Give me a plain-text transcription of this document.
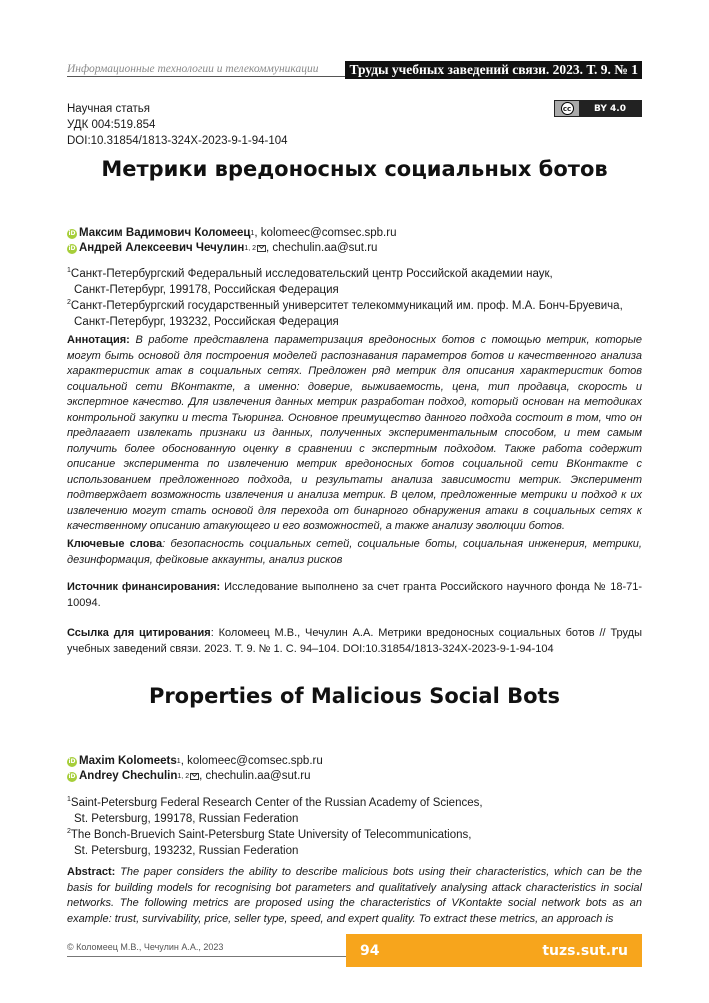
Информационные технологии и телекоммуникации	Труды учебных заведений связи. 2023. Т. 9. № 1
Научная статья
УДК 004:519.854
DOI:10.31854/1813-324X-2023-9-1-94-104
cc	BY 4.0
Метрики вредоносных социальных ботов
iD Максим Вадимович Коломеец 1 , kolomeec@comsec.spb.ru
iD Андрей Алексеевич Чечулин 1, 2 , chechulin.aa@sut.ru
$^1$Санкт-Петербургский Федеральный исследовательский центр Российской академии наук,
Санкт-Петербург, 199178, Российская Федерация
$^2$Санкт-Петербургский государственный университет телекоммуникаций им. проф. М.А. Бонч-Бруевича,
Санкт-Петербург, 193232, Российская Федерация
Аннотация: В работе представлена параметризация вредоносных ботов с помощью метрик, которые могут быть основой для построения моделей распознавания параметров ботов и качественного анализа характеристик атак в социальных сетях. Предложен ряд метрик для описания характеристик ботов социальной сети ВКонтакте, а именно: доверие, выживаемость, цена, тип продавца, скорость и экспертное качество. Для извлечения данных метрик разработан подход, который основан на методиках контрольной закупки и теста Тьюринга. Основное преимущество данного подхода состоит в том, что он предлагает извлекать признаки из данных, полученных экспериментальным способом, и тем самым получить более обоснованную оценку в сравнении с экспертным подходом. Также работа содержит описание эксперимента по извлечению метрик вредоносных ботов социальной сети ВКонтакте с использованием предложенного подхода, и результаты анализа зависимости метрик. Эксперимент подтверждает возможность извлечения и анализа метрик. В целом, предложенные метрики и подход к их извлечению могут стать основой для перехода от бинарного обнаружения атаки в социальных сетях к качественному описанию атакующего и его возможностей, а также анализу эволюции ботов.
Ключевые слова: безопасность социальных сетей, социальные боты, социальная инженерия, метрики, дезинформация, фейковые аккаунты, анализ рисков
Источник финансирования: Исследование выполнено за счет гранта Российского научного фонда № 18-71-10094.
Ссылка для цитирования: Коломеец М.В., Чечулин А.А. Метрики вредоносных социальных ботов // Труды учебных заведений связи. 2023. Т. 9. № 1. С. 94–104. DOI:10.31854/1813-324X-2023-9-1-94-104
Properties of Malicious Social Bots
iD Maxim Kolomeets 1 , kolomeec@comsec.spb.ru
iD Andrey Chechulin 1, 2 , chechulin.aa@sut.ru
$^1$Saint-Petersburg Federal Research Center of the Russian Academy of Sciences,
St. Petersburg, 199178, Russian Federation
$^2$The Bonch-Bruevich Saint-Petersburg State University of Telecommunications,
St. Petersburg, 193232, Russian Federation
Abstract: The paper considers the ability to describe malicious bots using their characteristics, which can be the basis for building models for recognising bot parameters and qualitatively analysing attack characteristics in social networks. The following metrics are proposed using the characteristics of VKontakte social network bots as an example: trust, survivability, price, seller type, speed, and expert quality. To extract these metrics, an approach is
© Коломеец М.В., Чечулин А.А., 2023	94	tuzs.sut.ru
